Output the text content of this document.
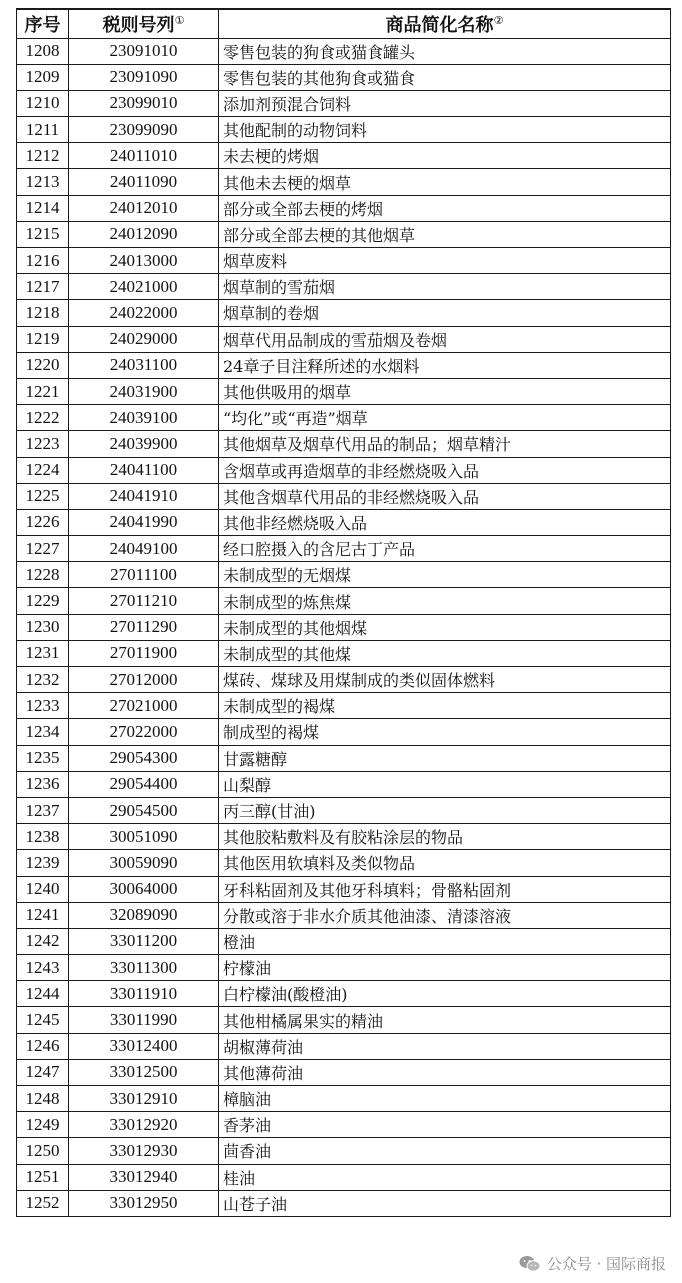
序号	税则号列①	商品简化名称②
1208	23091010	零售包装的狗食或猫食罐头
1209	23091090	零售包装的其他狗食或猫食
1210	23099010	添加剂预混合饲料
1211	23099090	其他配制的动物饲料
1212	24011010	未去梗的烤烟
1213	24011090	其他未去梗的烟草
1214	24012010	部分或全部去梗的烤烟
1215	24012090	部分或全部去梗的其他烟草
1216	24013000	烟草废料
1217	24021000	烟草制的雪茄烟
1218	24022000	烟草制的卷烟
1219	24029000	烟草代用品制成的雪茄烟及卷烟
1220	24031100	24章子目注释所述的水烟料
1221	24031900	其他供吸用的烟草
1222	24039100	“均化”或“再造”烟草
1223	24039900	其他烟草及烟草代用品的制品；烟草精汁
1224	24041100	含烟草或再造烟草的非经燃烧吸入品
1225	24041910	其他含烟草代用品的非经燃烧吸入品
1226	24041990	其他非经燃烧吸入品
1227	24049100	经口腔摄入的含尼古丁产品
1228	27011100	未制成型的无烟煤
1229	27011210	未制成型的炼焦煤
1230	27011290	未制成型的其他烟煤
1231	27011900	未制成型的其他煤
1232	27012000	煤砖、煤球及用煤制成的类似固体燃料
1233	27021000	未制成型的褐煤
1234	27022000	制成型的褐煤
1235	29054300	甘露糖醇
1236	29054400	山梨醇
1237	29054500	丙三醇(甘油)
1238	30051090	其他胶粘敷料及有胶粘涂层的物品
1239	30059090	其他医用软填料及类似物品
1240	30064000	牙科粘固剂及其他牙科填料；骨骼粘固剂
1241	32089090	分散或溶于非水介质其他油漆、清漆溶液
1242	33011200	橙油
1243	33011300	柠檬油
1244	33011910	白柠檬油(酸橙油)
1245	33011990	其他柑橘属果实的精油
1246	33012400	胡椒薄荷油
1247	33012500	其他薄荷油
1248	33012910	樟脑油
1249	33012920	香茅油
1250	33012930	茴香油
1251	33012940	桂油
1252	33012950	山苍子油
公众号 · 国际商报
